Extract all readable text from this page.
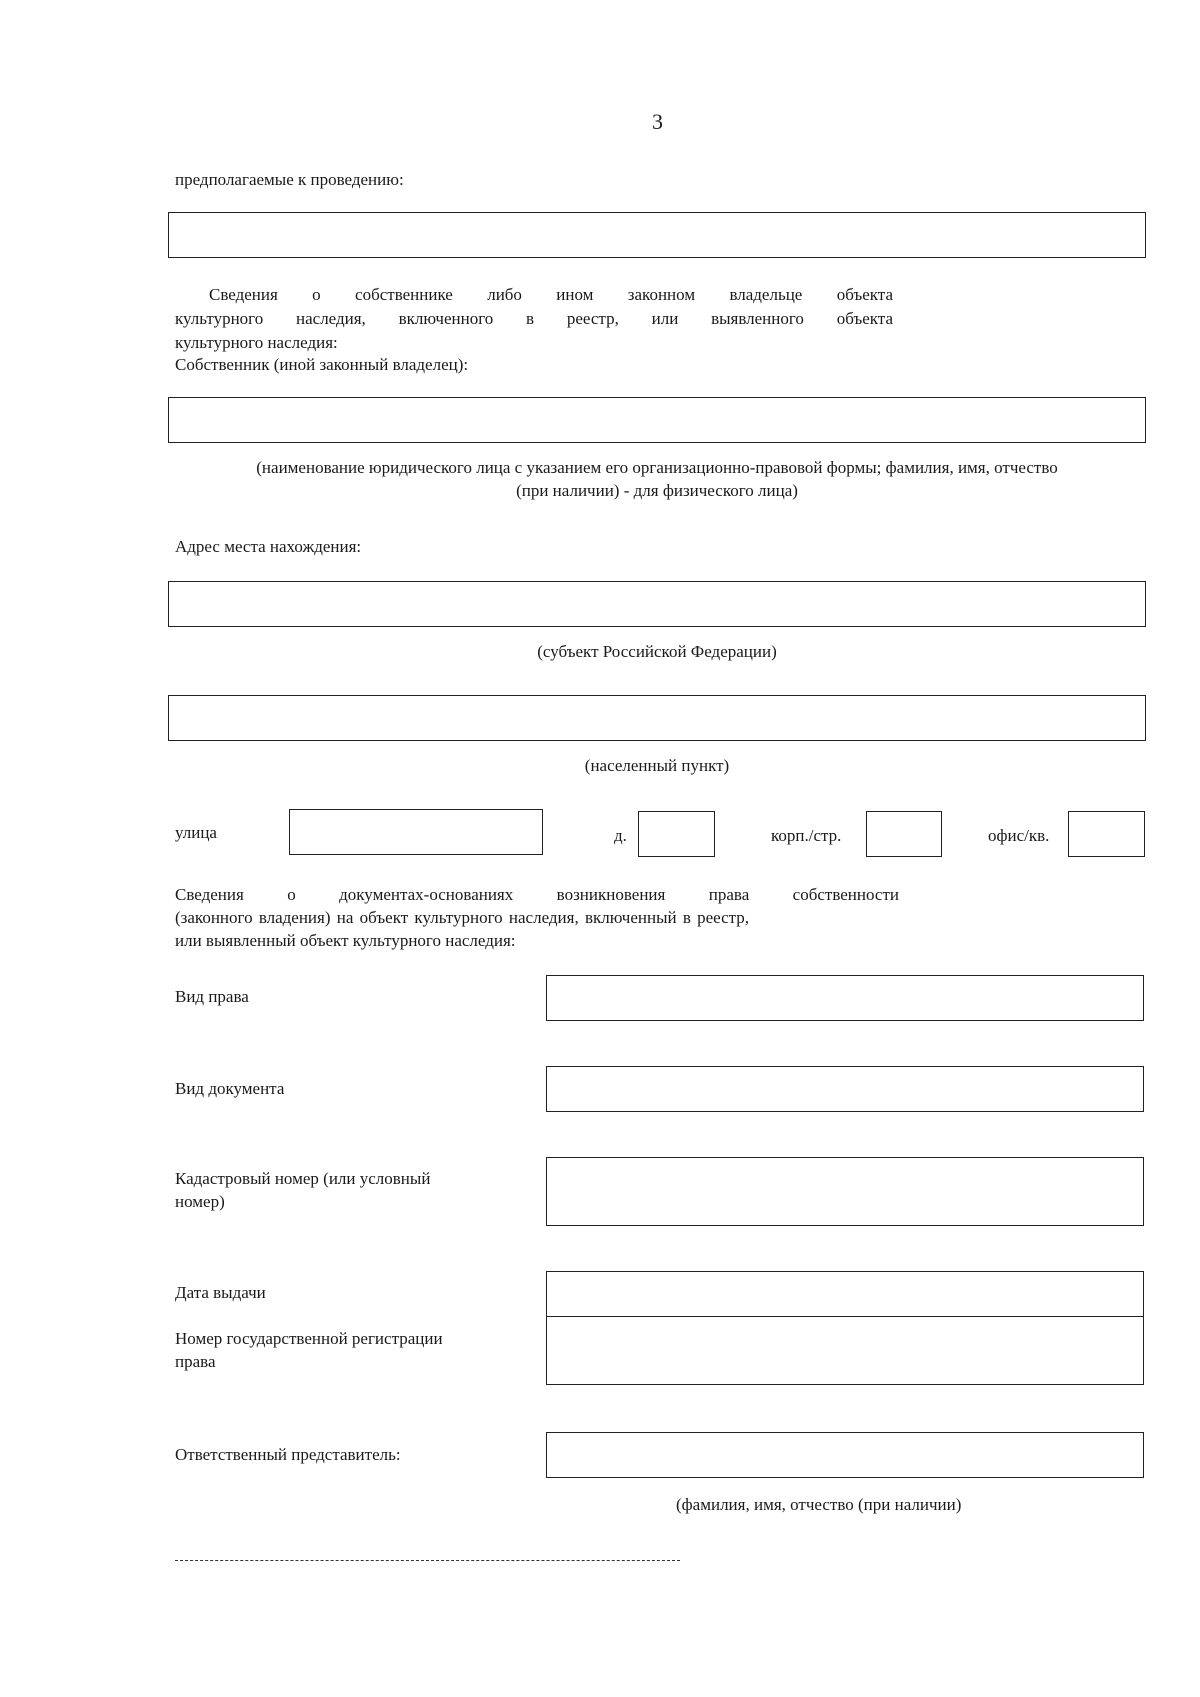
3
предполагаемые к проведению:
Сведения о собственнике либо ином законном владельце объекта
культурного наследия, включенного в реестр, или выявленного объекта
культурного наследия:
Собственник (иной законный владелец):
(наименование юридического лица с указанием его организационно-правовой формы; фамилия, имя, отчество
(при наличии) - для физического лица)
Адрес места нахождения:
(субъект Российской Федерации)
(населенный пункт)
улица	д.	корп./стр.	офис/кв.
Сведения о документах-основаниях возникновения права собственности
(законного владения) на объект культурного наследия, включенный в реестр,
или выявленный объект культурного наследия:
Вид права
Вид документа
Кадастровый номер (или условный
номер)
Дата выдачи
Номер государственной регистрации
права
Ответственный представитель:
(фамилия, имя, отчество (при наличии)
